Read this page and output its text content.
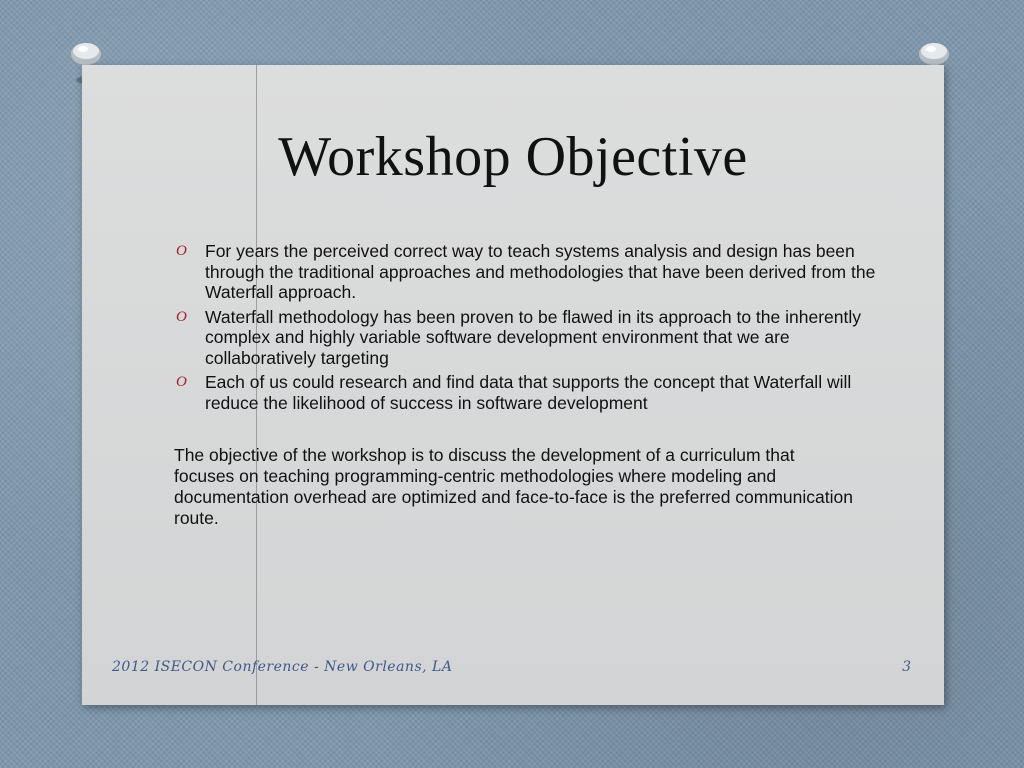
Workshop Objective
O For years the perceived correct way to teach systems analysis and design has been through the traditional approaches and methodologies that have been derived from the Waterfall approach.
O Waterfall methodology has been proven to be flawed in its approach to the inherently complex and highly variable software development environment that we are collaboratively targeting
O Each of us could research and find data that supports the concept that Waterfall will reduce the likelihood of success in software development

The objective of the workshop is to discuss the development of a curriculum that focuses on teaching programming-centric methodologies where modeling and documentation overhead are optimized and face-to-face is the preferred communication route.

2012 ISECON Conference - New Orleans, LA	3
